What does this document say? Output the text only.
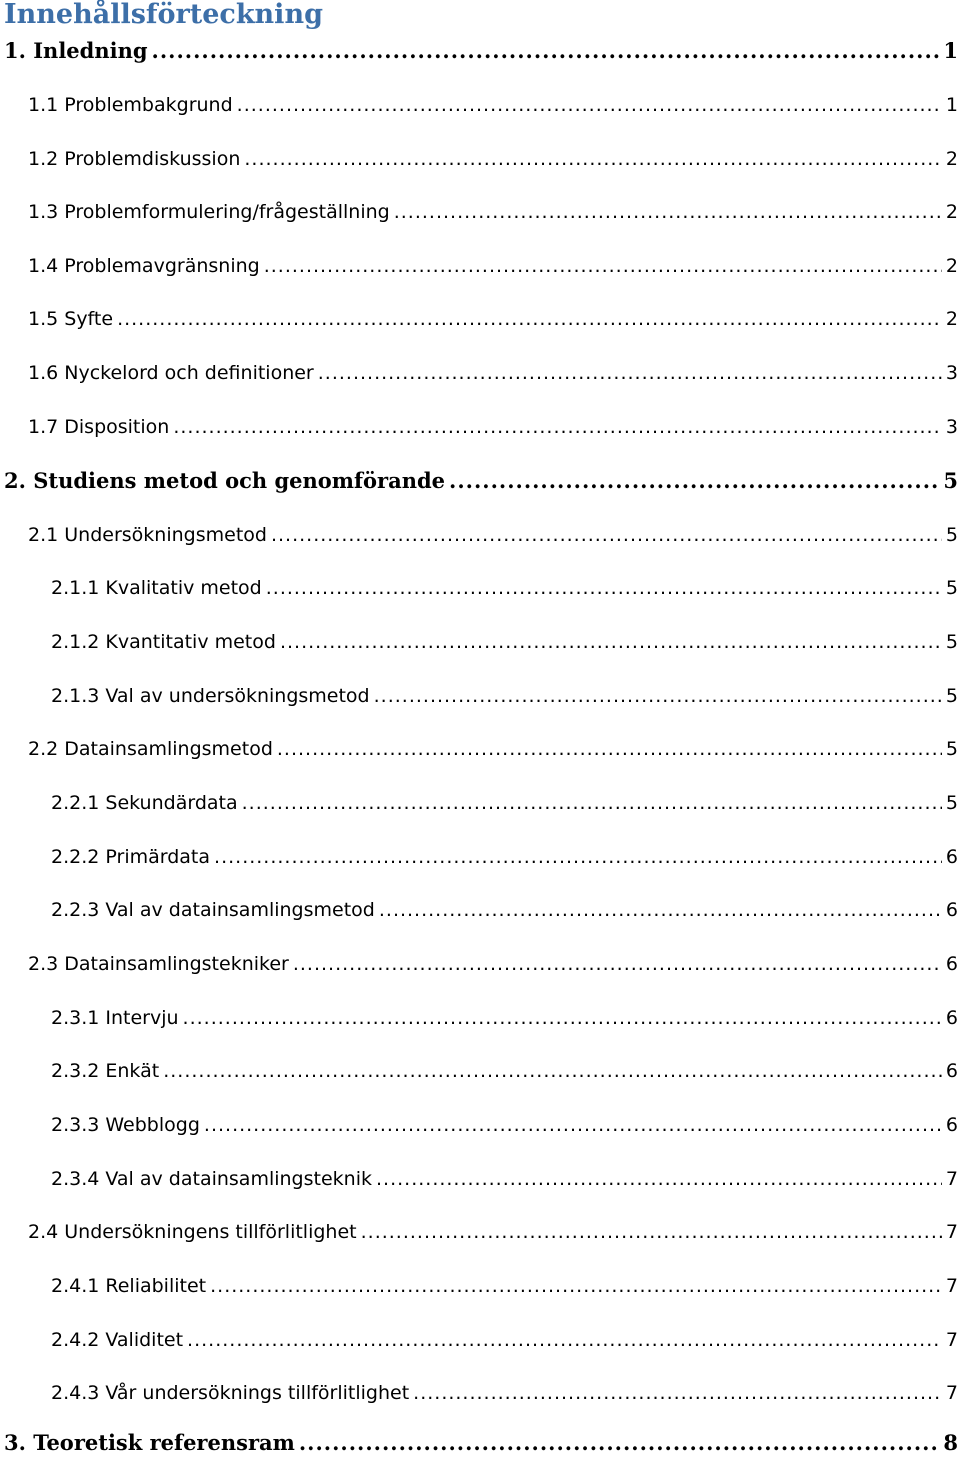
Innehållsförteckning
1. Inledning .....	1
1.1 Problembakgrund .....	1
1.2 Problemdiskussion .....	2
1.3 Problemformulering/frågeställning .....	2
1.4 Problemavgränsning .....	2
1.5 Syfte .....	2
1.6 Nyckelord och definitioner .....	3
1.7 Disposition .....	3
2. Studiens metod och genomförande .....	5
2.1 Undersökningsmetod .....	5
2.1.1 Kvalitativ metod .....	5
2.1.2 Kvantitativ metod .....	5
2.1.3 Val av undersökningsmetod .....	5
2.2 Datainsamlingsmetod .....	5
2.2.1 Sekundärdata .....	5
2.2.2 Primärdata .....	6
2.2.3 Val av datainsamlingsmetod .....	6
2.3 Datainsamlingstekniker .....	6
2.3.1 Intervju .....	6
2.3.2 Enkät .....	6
2.3.3 Webblogg .....	6
2.3.4 Val av datainsamlingsteknik .....	7
2.4 Undersökningens tillförlitlighet .....	7
2.4.1 Reliabilitet .....	7
2.4.2 Validitet .....	7
2.4.3 Vår undersöknings tillförlitlighet .....	7
3. Teoretisk referensram .....	8
